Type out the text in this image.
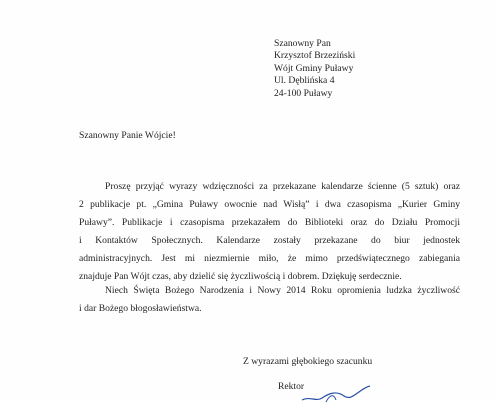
Szanowny Pan
Krzysztof Brzeziński
Wójt Gminy Puławy
Ul. Dęblińska 4
24-100 Puławy
Szanowny Panie Wójcie!
Proszę przyjąć wyrazy wdzięczności za przekazane kalendarze ścienne (5 sztuk) oraz
2 publikacje pt. „Gmina Puławy owocnie nad Wisłą” i dwa czasopisma „Kurier Gminy
Puławy”. Publikacje i czasopisma przekazałem do Biblioteki oraz do Działu Promocji
i Kontaktów Społecznych. Kalendarze zostały przekazane do biur jednostek
administracyjnych. Jest mi niezmiernie miło, że mimo przedświątecznego zabiegania
znajduje Pan Wójt czas, aby dzielić się życzliwością i dobrem. Dziękuję serdecznie.
Niech Święta Bożego Narodzenia i Nowy 2014 Roku opromienia ludzka życzliwość
i dar Bożego błogosławieństwa.
Z wyrazami głębokiego szacunku
Rektor
